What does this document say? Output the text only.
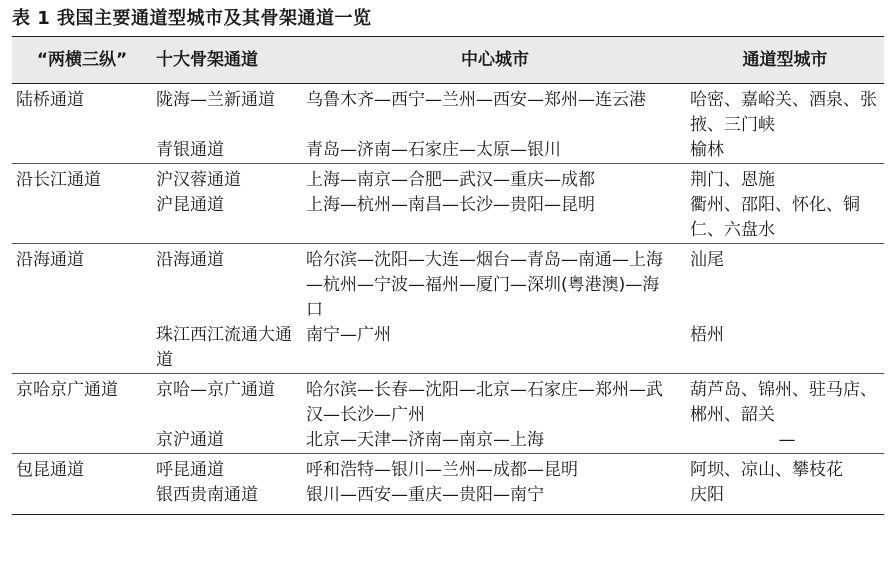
表 1 我国主要通道型城市及其骨架通道一览
“两横三纵”	十大骨架通道	中心城市	通道型城市
陆桥通道	陇海—兰新通道	乌鲁木齐—西宁—兰州—西安—郑州—连云港	哈密、嘉峪关、酒泉、张掖、三门峡
	青银通道	青岛—济南—石家庄—太原—银川	榆林
沿长江通道	沪汉蓉通道	上海—南京—合肥—武汉—重庆—成都	荆门、恩施
	沪昆通道	上海—杭州—南昌—长沙—贵阳—昆明	衢州、邵阳、怀化、铜仁、六盘水
沿海通道	沿海通道	哈尔滨—沈阳—大连—烟台—青岛—南通—上海—杭州—宁波—福州—厦门—深圳(粤港澳)—海口	汕尾
	珠江西江流通大通道	南宁—广州	梧州
京哈京广通道	京哈—京广通道	哈尔滨—长春—沈阳—北京—石家庄—郑州—武汉—长沙—广州	葫芦岛、锦州、驻马店、郴州、韶关
	京沪通道	北京—天津—济南—南京—上海	—
包昆通道	呼昆通道	呼和浩特—银川—兰州—成都—昆明	阿坝、凉山、攀枝花
	银西贵南通道	银川—西安—重庆—贵阳—南宁	庆阳
